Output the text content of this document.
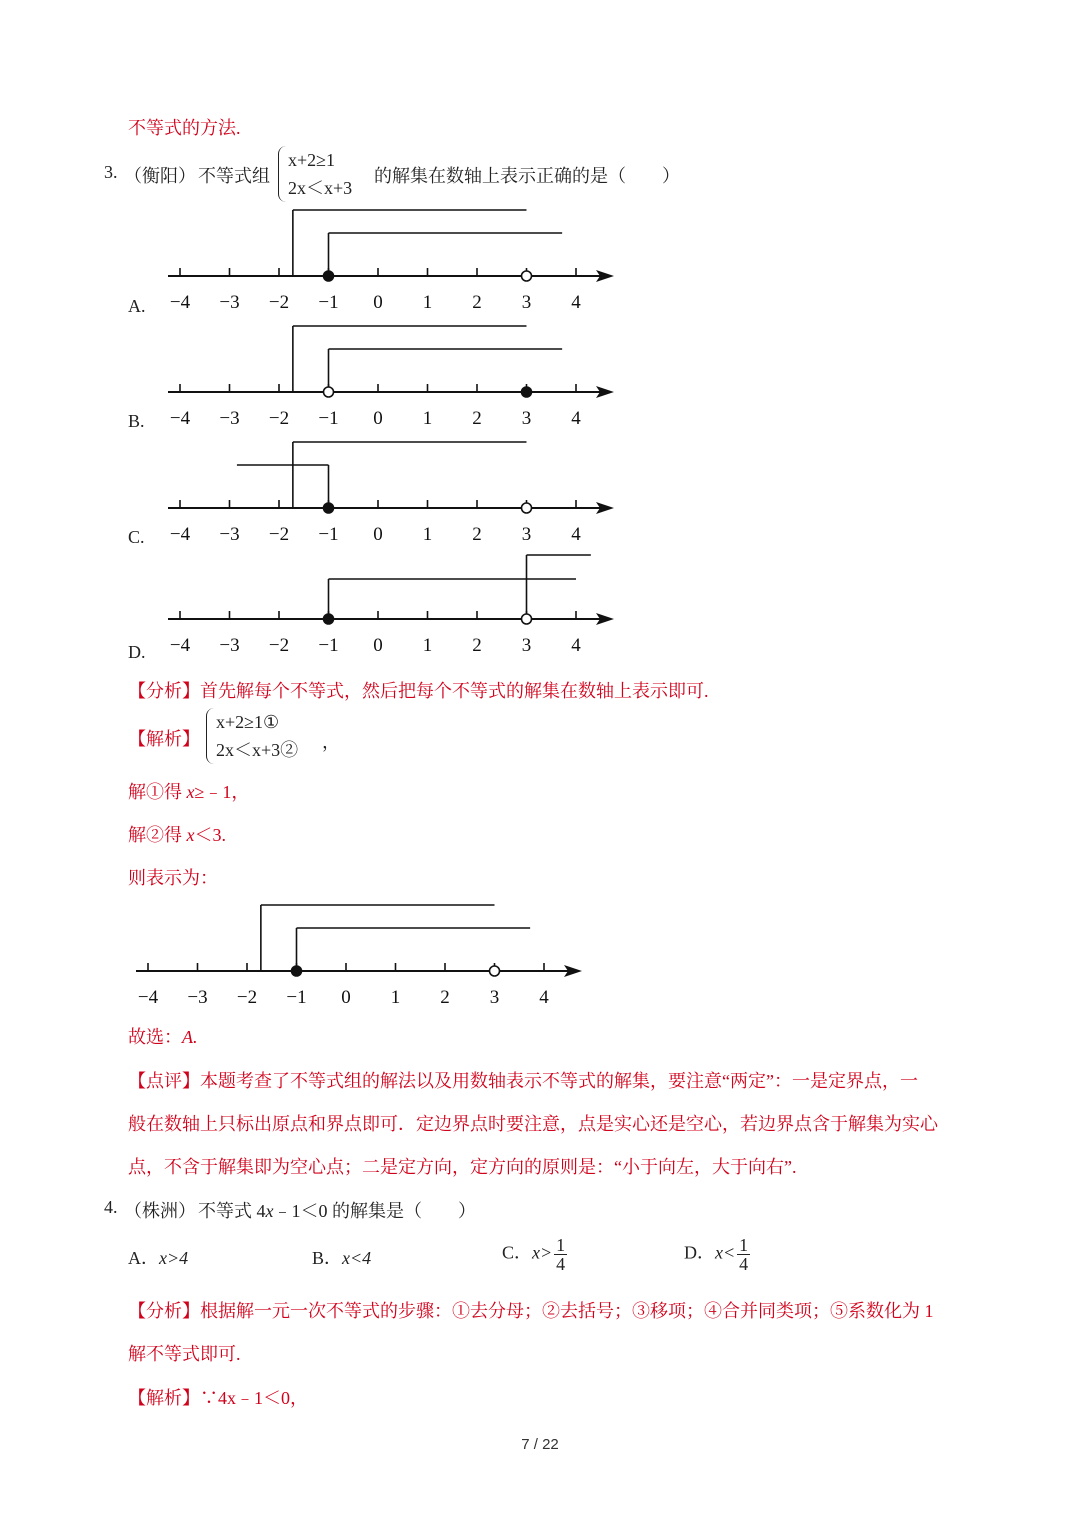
不等式的方法.
3. （衡阳） 不等式组
x+2≥1
2x＜x+3
的解集在数轴上表示正确的是（　　）
A.
B.
C.
D.
−4 −3 −2 −1 0 1 2 3 4
−4 −3 −2 −1 0 1 2 3 4
−4 −3 −2 −1 0 1 2 3 4
−4 −3 −2 −1 0 1 2 3 4
【分析】首先解每个不等式，然后把每个不等式的解集在数轴上表示即可.
【解析】
x+2≥1①
2x＜x+3② ，
解①得 x≥﹣1，
解②得 x＜3.
则表示为：
−4 −3 −2 −1 0 1 2 3 4
故选：A.
【点评】本题考查了不等式组的解法以及用数轴表示不等式的解集，要注意“两定”：一是定界点，一
般在数轴上只标出原点和界点即可．定边界点时要注意，点是实心还是空心，若边界点含于解集为实心
点，不含于解集即为空心点；二是定方向，定方向的原则是：“小于向左，大于向右”.
4. （株洲） 不等式 4x﹣1＜0 的解集是（　　）
A．x>4	B．x<4	C．$x> \frac{1}{4}$	D．$x< \frac{1}{4}$
【分析】根据解一元一次不等式的步骤：①去分母；②去括号；③移项；④合并同类项；⑤系数化为 1
解不等式即可.
【解析】∵4x﹣1＜0，
7 / 22
